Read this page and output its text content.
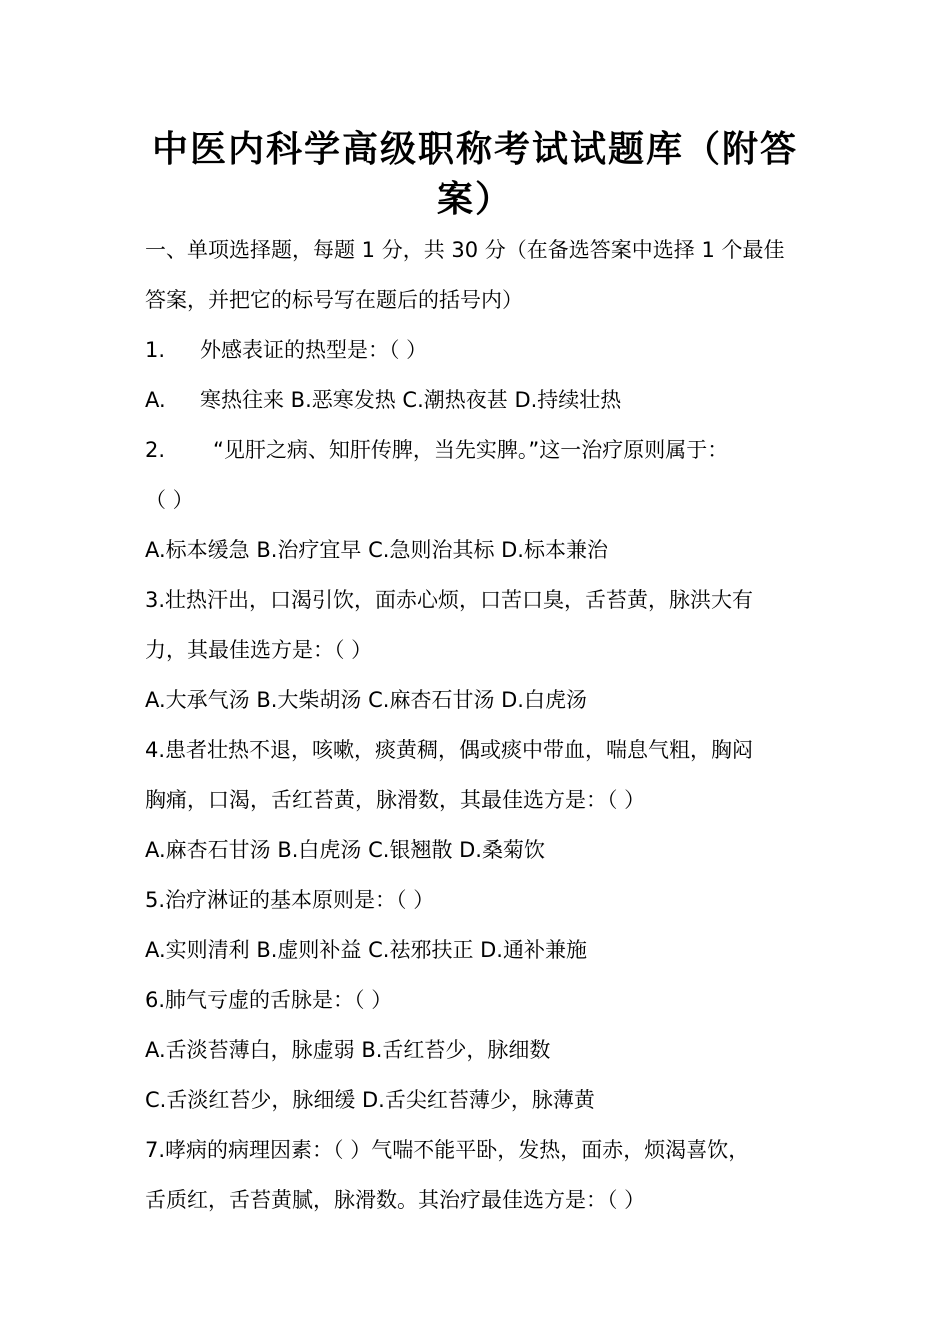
中医内科学高级职称考试试题库（附答
案）

一、单项选择题，每题 1 分，共 30 分（在备选答案中选择 1 个最佳

答案，并把它的标号写在题后的括号内）

1. 外感表证的热型是：（ ）

A. 寒热往来 B.恶寒发热 C.潮热夜甚 D.持续壮热

2. “见肝之病、知肝传脾，当先实脾。”这一治疗原则属于：

（ ）

A.标本缓急 B.治疗宜早 C.急则治其标 D.标本兼治

3.壮热汗出，口渴引饮，面赤心烦，口苦口臭，舌苔黄，脉洪大有

力，其最佳选方是：（ ）

A.大承气汤 B.大柴胡汤 C.麻杏石甘汤 D.白虎汤

4.患者壮热不退，咳嗽，痰黄稠，偶或痰中带血，喘息气粗，胸闷

胸痛，口渴，舌红苔黄，脉滑数，其最佳选方是：（ ）

A.麻杏石甘汤 B.白虎汤 C.银翘散 D.桑菊饮

5.治疗淋证的基本原则是：（ ）

A.实则清利 B.虚则补益 C.祛邪扶正 D.通补兼施

6.肺气亏虚的舌脉是：（ ）

A.舌淡苔薄白，脉虚弱 B.舌红苔少，脉细数

C.舌淡红苔少，脉细缓 D.舌尖红苔薄少，脉薄黄

7.哮病的病理因素：（ ）气喘不能平卧，发热，面赤，烦渴喜饮，

舌质红，舌苔黄腻，脉滑数。其治疗最佳选方是：（ ）
